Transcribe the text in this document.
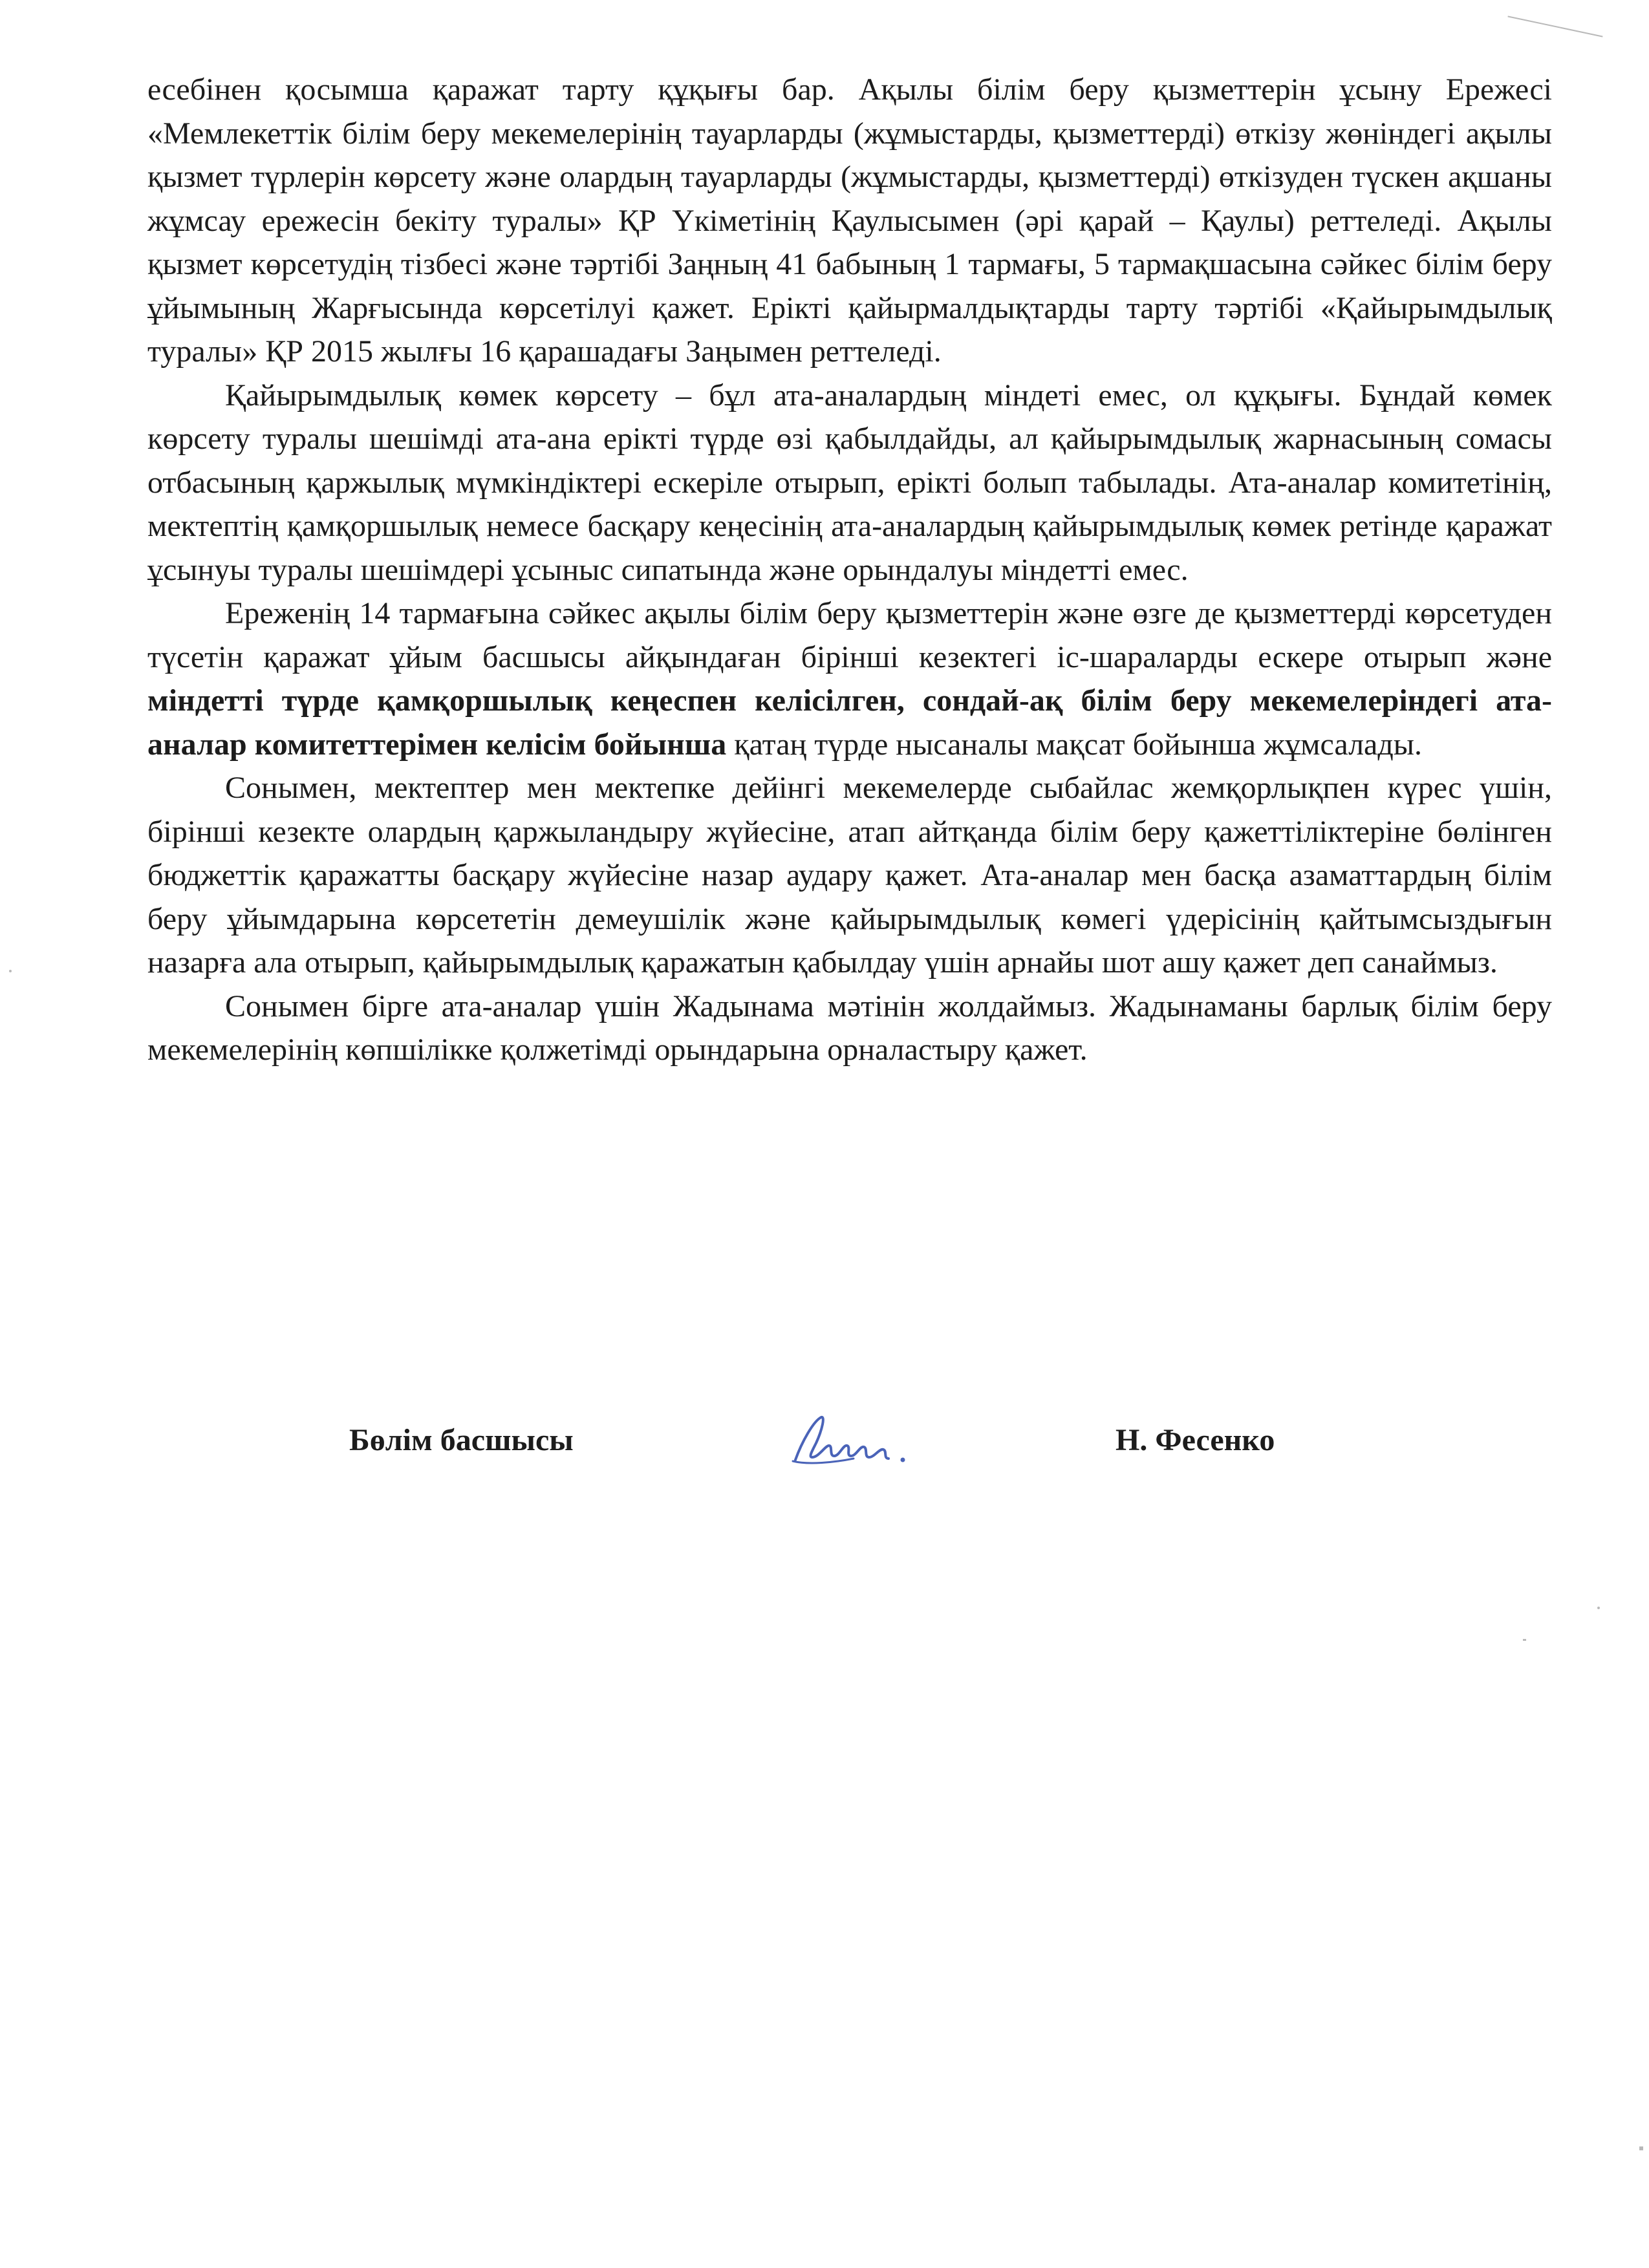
есебінен қосымша қаражат тарту құқығы бар. Ақылы білім беру қызметтерін ұсыну Ережесі «Мемлекеттік білім беру мекемелерінің тауарларды (жұмыстарды, қызметтерді) өткізу жөніндегі ақылы қызмет түрлерін көрсету және олардың тауарларды (жұмыстарды, қызметтерді) өткізуден түскен ақшаны жұмсау ережесін бекіту туралы» ҚР Үкіметінің Қаулысымен (әрі қарай – Қаулы) реттеледі. Ақылы қызмет көрсетудің тізбесі және тәртібі Заңның 41 бабының 1 тармағы, 5 тармақшасына сәйкес білім беру ұйымының Жарғысында көрсетілуі қажет. Ерікті қайырмалдықтарды тарту тәртібі «Қайырымдылық туралы» ҚР 2015 жылғы 16 қарашадағы Заңымен реттеледі.

Қайырымдылық көмек көрсету – бұл ата-аналардың міндеті емес, ол құқығы. Бұндай көмек көрсету туралы шешімді ата-ана ерікті түрде өзі қабылдайды, ал қайырымдылық жарнасының сомасы отбасының қаржылық мүмкіндіктері ескеріле отырып, ерікті болып табылады. Ата-аналар комитетінің, мектептің қамқоршылық немесе басқару кеңесінің ата-аналардың қайырымдылық көмек ретінде қаражат ұсынуы туралы шешімдері ұсыныс сипатында және орындалуы міндетті емес.

Ереженің 14 тармағына сәйкес ақылы білім беру қызметтерін және өзге де қызметтерді көрсетуден түсетін қаражат ұйым басшысы айқындаған бірінші кезектегі іс-шараларды ескере отырып және міндетті түрде қамқоршылық кеңеспен келісілген, сондай-ақ білім беру мекемелеріндегі ата-аналар комитеттерімен келісім бойынша қатаң түрде нысаналы мақсат бойынша жұмсалады.

Сонымен, мектептер мен мектепке дейінгі мекемелерде сыбайлас жемқорлықпен күрес үшін, бірінші кезекте олардың қаржыландыру жүйесіне, атап айтқанда білім беру қажеттіліктеріне бөлінген бюджеттік қаражатты басқару жүйесіне назар аудару қажет. Ата-аналар мен басқа азаматтардың білім беру ұйымдарына көрсететін демеушілік және қайырымдылық көмегі үдерісінің қайтымсыздығын назарға ала отырып, қайырымдылық қаражатын қабылдау үшін арнайы шот ашу қажет деп санаймыз.

Сонымен бірге ата-аналар үшін Жадынама мәтінін жолдаймыз. Жадынаманы барлық білім беру мекемелерінің көпшілікке қолжетімді орындарына орналастыру қажет.

Бөлім басшысы	Н. Фесенко
